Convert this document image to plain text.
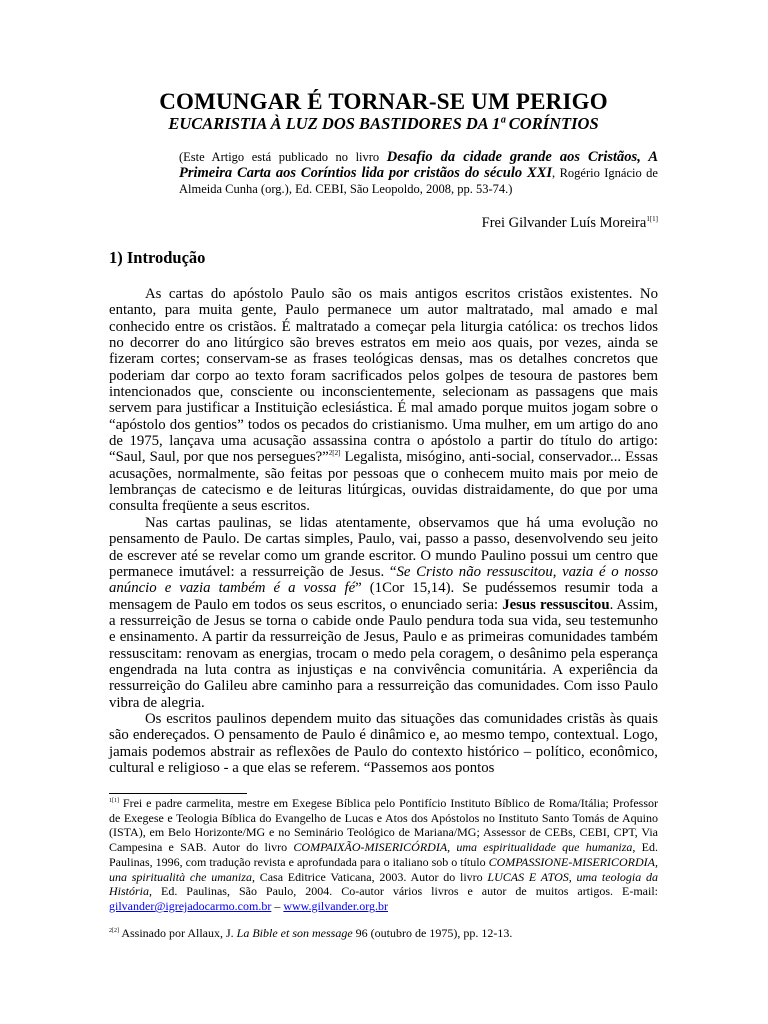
COMUNGAR É TORNAR-SE UM PERIGO
EUCARISTIA À LUZ DOS BASTIDORES DA 1ª CORÍNTIOS
(Este Artigo está publicado no livro Desafio da cidade grande aos Cristãos, A Primeira Carta aos Coríntios lida por cristãos do século XXI, Rogério Ignácio de Almeida Cunha (org.), Ed. CEBI, São Leopoldo, 2008, pp. 53-74.)
Frei Gilvander Luís Moreira$^{1[1]}$
1) Introdução

As cartas do apóstolo Paulo são os mais antigos escritos cristãos existentes. No entanto, para muita gente, Paulo permanece um autor maltratado, mal amado e mal conhecido entre os cristãos. É maltratado a começar pela liturgia católica: os trechos lidos no decorrer do ano litúrgico são breves estratos em meio aos quais, por vezes, ainda se fizeram cortes; conservam-se as frases teológicas densas, mas os detalhes concretos que poderiam dar corpo ao texto foram sacrificados pelos golpes de tesoura de pastores bem intencionados que, consciente ou inconscientemente, selecionam as passagens que mais servem para justificar a Instituição eclesiástica. É mal amado porque muitos jogam sobre o “apóstolo dos gentios” todos os pecados do cristianismo. Uma mulher, em um artigo do ano de 1975, lançava uma acusação assassina contra o apóstolo a partir do título do artigo: “Saul, Saul, por que nos persegues?”$^{2[2]}$ Legalista, misógino, anti-social, conservador... Essas acusações, normalmente, são feitas por pessoas que o conhecem muito mais por meio de lembranças de catecismo e de leituras litúrgicas, ouvidas distraidamente, do que por uma consulta freqüente a seus escritos.

Nas cartas paulinas, se lidas atentamente, observamos que há uma evolução no pensamento de Paulo. De cartas simples, Paulo, vai, passo a passo, desenvolvendo seu jeito de escrever até se revelar como um grande escritor. O mundo Paulino possui um centro que permanece imutável: a ressurreição de Jesus. “Se Cristo não ressuscitou, vazia é o nosso anúncio e vazia também é a vossa fé” (1Cor 15,14). Se pudéssemos resumir toda a mensagem de Paulo em todos os seus escritos, o enunciado seria: Jesus ressuscitou. Assim, a ressurreição de Jesus se torna o cabide onde Paulo pendura toda sua vida, seu testemunho e ensinamento. A partir da ressurreição de Jesus, Paulo e as primeiras comunidades também ressuscitam: renovam as energias, trocam o medo pela coragem, o desânimo pela esperança engendrada na luta contra as injustiças e na convivência comunitária. A experiência da ressurreição do Galileu abre caminho para a ressurreição das comunidades. Com isso Paulo vibra de alegria.

Os escritos paulinos dependem muito das situações das comunidades cristãs às quais são endereçados. O pensamento de Paulo é dinâmico e, ao mesmo tempo, contextual. Logo, jamais podemos abstrair as reflexões de Paulo do contexto histórico – político, econômico, cultural e religioso - a que elas se referem. “Passemos aos pontos

$^{1[1]}$ Frei e padre carmelita, mestre em Exegese Bíblica pelo Pontifício Instituto Bíblico de Roma/Itália; Professor de Exegese e Teologia Bíblica do Evangelho de Lucas e Atos dos Apóstolos no Instituto Santo Tomás de Aquino (ISTA), em Belo Horizonte/MG e no Seminário Teológico de Mariana/MG; Assessor de CEBs, CEBI, CPT, Via Campesina e SAB. Autor do livro COMPAIXÃO-MISERICÓRDIA, uma espiritualidade que humaniza, Ed. Paulinas, 1996, com tradução revista e aprofundada para o italiano sob o título COMPASSIONE-MISERICORDIA, una spiritualità che umaniza, Casa Editrice Vaticana, 2003. Autor do livro LUCAS E ATOS, uma teologia da História, Ed. Paulinas, São Paulo, 2004. Co-autor vários livros e autor de muitos artigos. E-mail: gilvander@igrejadocarmo.com.br – www.gilvander.org.br

$^{2[2]}$ Assinado por Allaux, J. La Bible et son message 96 (outubro de 1975), pp. 12-13.
